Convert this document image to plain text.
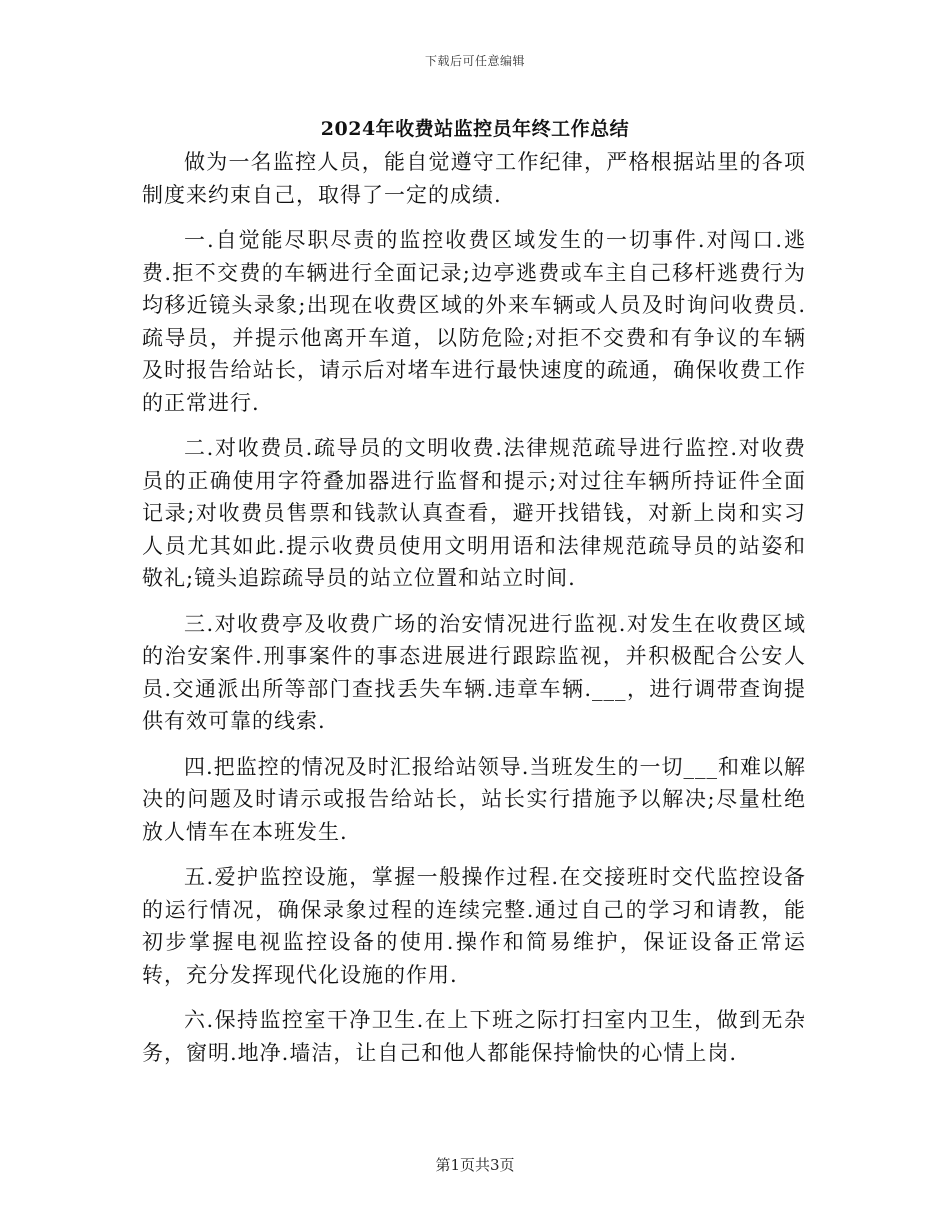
下载后可任意编辑
2024年收费站监控员年终工作总结

做为一名监控人员，能自觉遵守工作纪律，严格根据站里的各项制度来约束自己，取得了一定的成绩.

一.自觉能尽职尽责的监控收费区域发生的一切事件.对闯口.逃费.拒不交费的车辆进行全面记录;边亭逃费或车主自己移杆逃费行为均移近镜头录象;出现在收费区域的外来车辆或人员及时询问收费员.疏导员，并提示他离开车道，以防危险;对拒不交费和有争议的车辆及时报告给站长，请示后对堵车进行最快速度的疏通，确保收费工作的正常进行.

二.对收费员.疏导员的文明收费.法律规范疏导进行监控.对收费员的正确使用字符叠加器进行监督和提示;对过往车辆所持证件全面记录;对收费员售票和钱款认真查看，避开找错钱，对新上岗和实习人员尤其如此.提示收费员使用文明用语和法律规范疏导员的站姿和敬礼;镜头追踪疏导员的站立位置和站立时间.

三.对收费亭及收费广场的治安情况进行监视.对发生在收费区域的治安案件.刑事案件的事态进展进行跟踪监视，并积极配合公安人员.交通派出所等部门查找丢失车辆.违章车辆.___，进行调带查询提供有效可靠的线索.

四.把监控的情况及时汇报给站领导.当班发生的一切___和难以解决的问题及时请示或报告给站长，站长实行措施予以解决;尽量杜绝放人情车在本班发生.

五.爱护监控设施，掌握一般操作过程.在交接班时交代监控设备的运行情况，确保录象过程的连续完整.通过自己的学习和请教，能初步掌握电视监控设备的使用.操作和简易维护，保证设备正常运转，充分发挥现代化设施的作用.

六.保持监控室干净卫生.在上下班之际打扫室内卫生，做到无杂务，窗明.地净.墙洁，让自己和他人都能保持愉快的心情上岗.

第1页共3页
